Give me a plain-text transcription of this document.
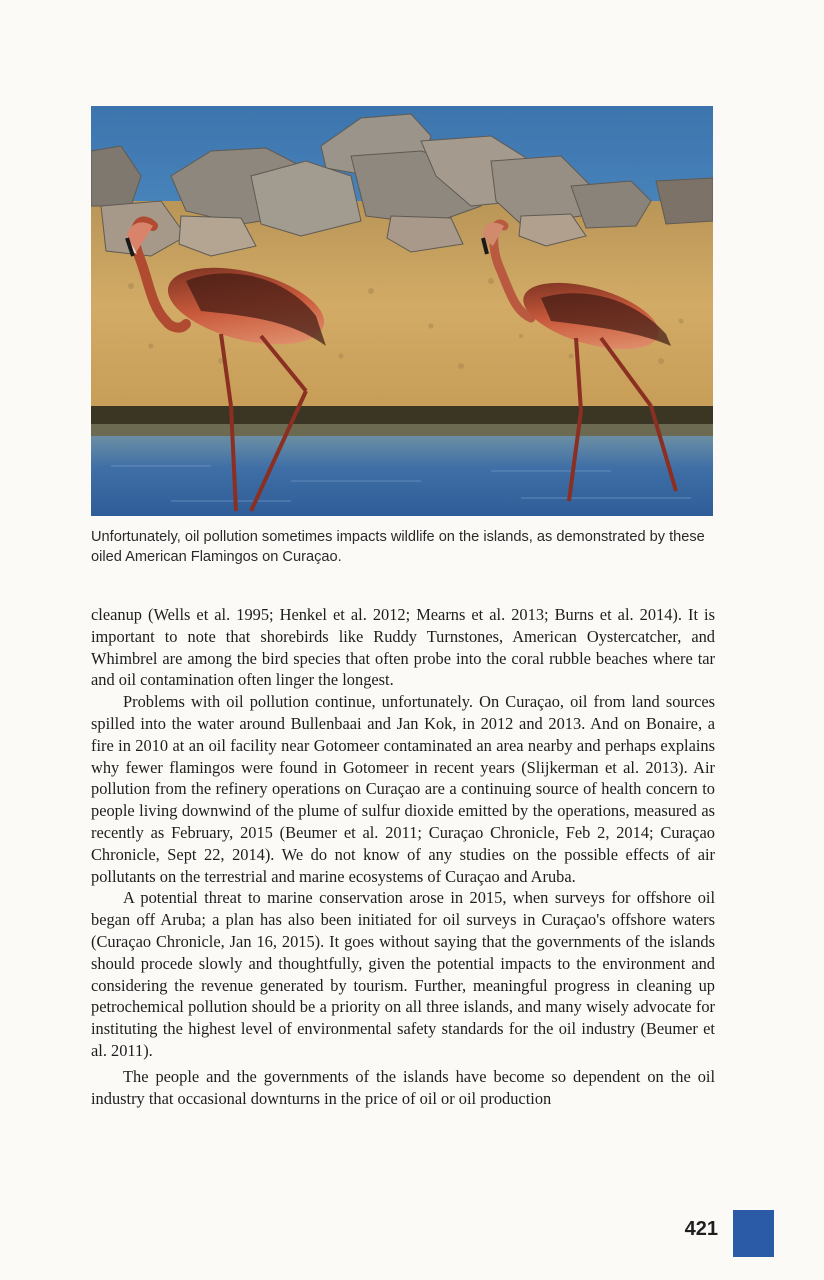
Unfortunately, oil pollution sometimes impacts wildlife on the islands, as demonstrated by these oiled American Flamingos on Curaçao.

cleanup (Wells et al. 1995; Henkel et al. 2012; Mearns et al. 2013; Burns et al. 2014). It is important to note that shorebirds like Ruddy Turnstones, American Oystercatcher, and Whimbrel are among the bird species that often probe into the coral rubble beaches where tar and oil contamination often linger the longest.

Problems with oil pollution continue, unfortunately. On Curaçao, oil from land sources spilled into the water around Bullenbaai and Jan Kok, in 2012 and 2013. And on Bonaire, a fire in 2010 at an oil facility near Gotomeer contaminated an area nearby and perhaps explains why fewer flamingos were found in Gotomeer in recent years (Slijkerman et al. 2013). Air pollution from the refinery operations on Curaçao are a continuing source of health concern to people living downwind of the plume of sulfur dioxide emitted by the operations, measured as recently as February, 2015 (Beumer et al. 2011; Curaçao Chronicle, Feb 2, 2014; Curaçao Chronicle, Sept 22, 2014). We do not know of any studies on the possible effects of air pollutants on the terrestrial and marine ecosystems of Curaçao and Aruba.

A potential threat to marine conservation arose in 2015, when surveys for offshore oil began off Aruba; a plan has also been initiated for oil surveys in Curaçao's offshore waters (Curaçao Chronicle, Jan 16, 2015). It goes without saying that the governments of the islands should procede slowly and thoughtfully, given the potential impacts to the environment and considering the revenue generated by tourism. Further, meaningful progress in cleaning up petrochemical pollution should be a priority on all three islands, and many wisely advocate for instituting the highest level of environmental safety standards for the oil industry (Beumer et al. 2011).

The people and the governments of the islands have become so dependent on the oil industry that occasional downturns in the price of oil or oil production

421
